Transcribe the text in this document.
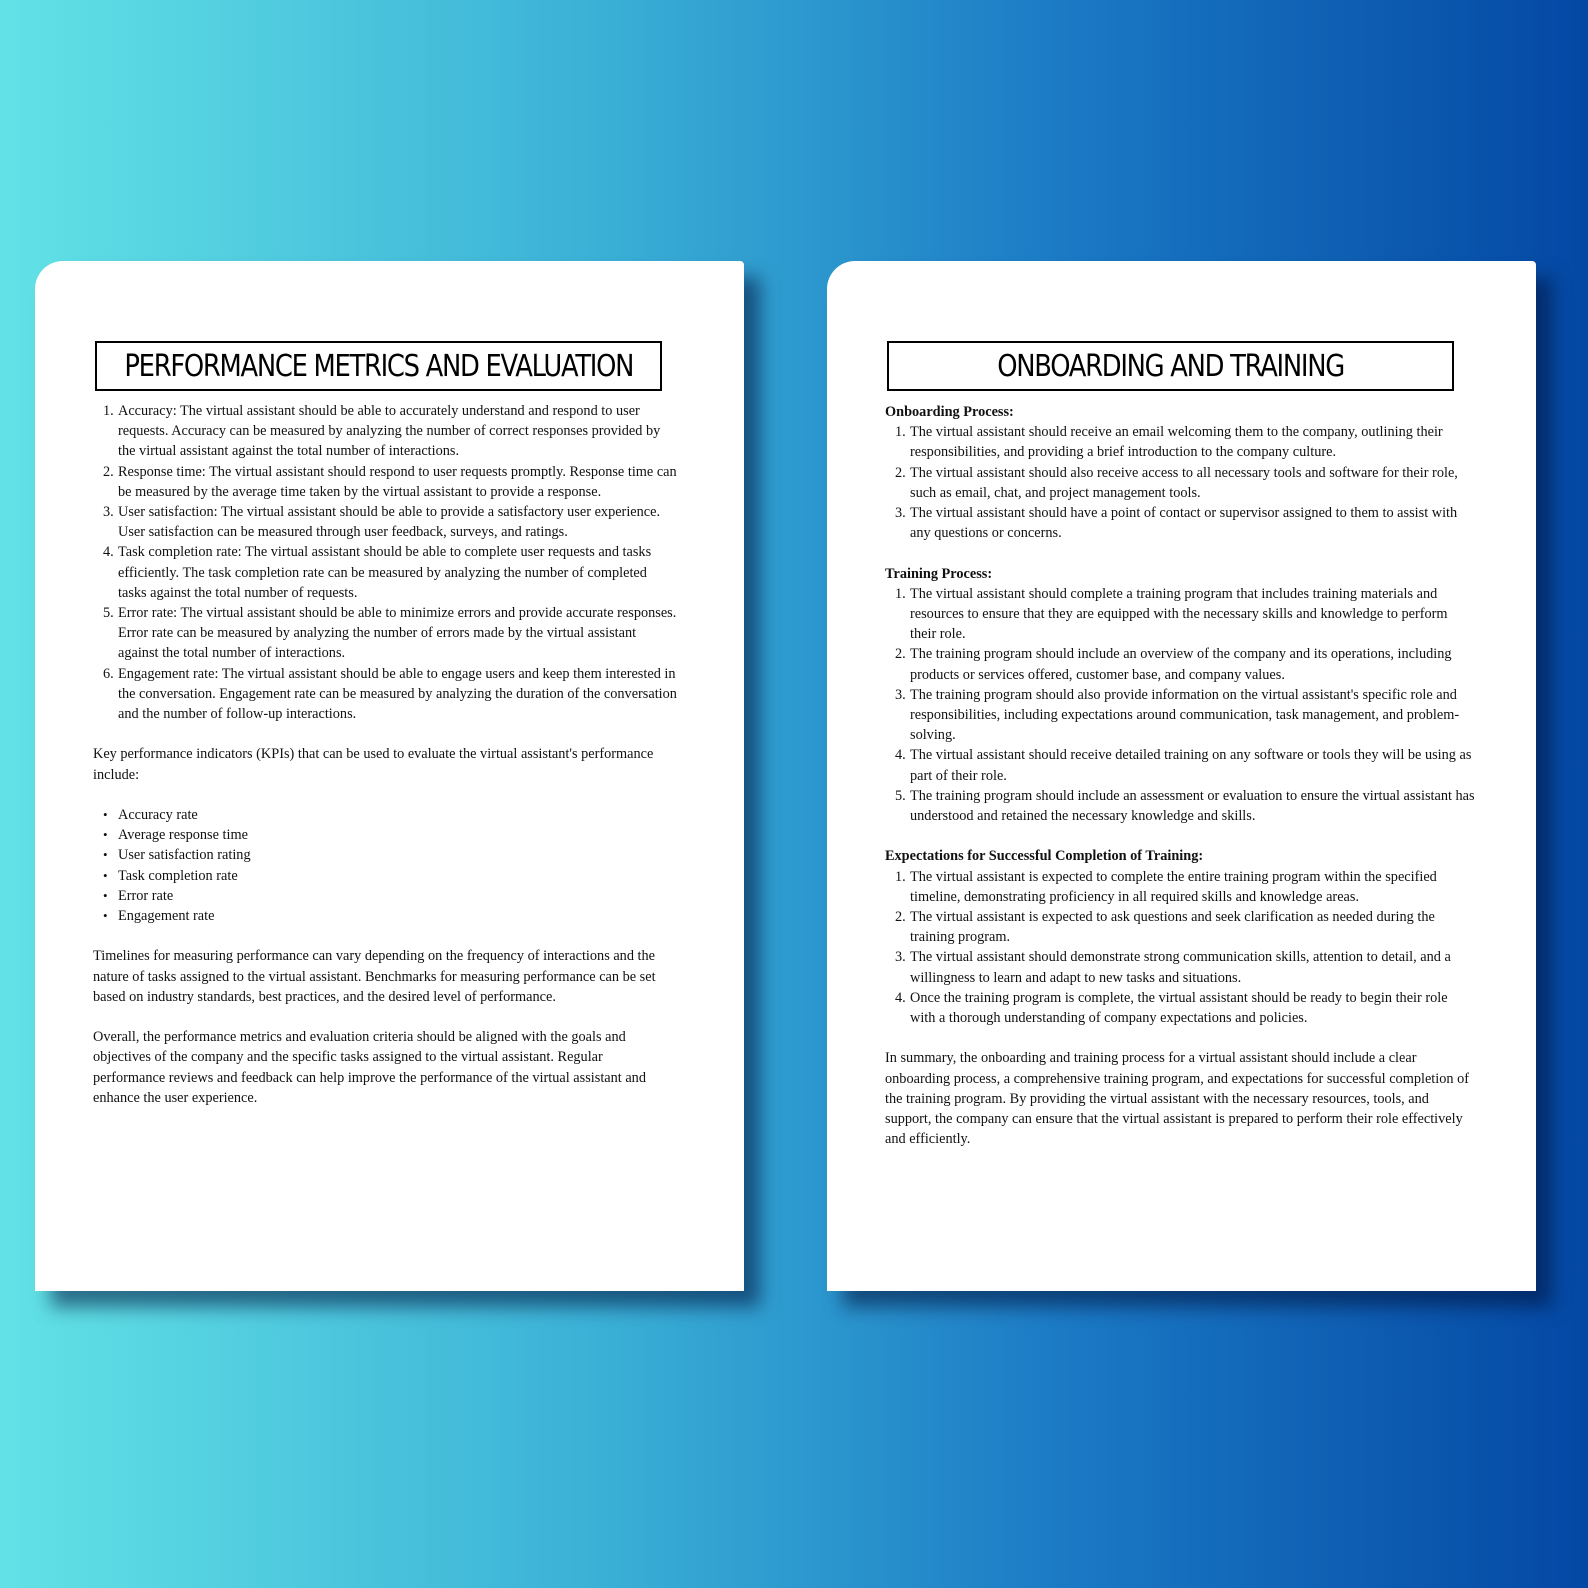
PERFORMANCE METRICS AND EVALUATION
1. Accuracy: The virtual assistant should be able to accurately understand and respond to user requests. Accuracy can be measured by analyzing the number of correct responses provided by the virtual assistant against the total number of interactions.
2. Response time: The virtual assistant should respond to user requests promptly. Response time can be measured by the average time taken by the virtual assistant to provide a response.
3. User satisfaction: The virtual assistant should be able to provide a satisfactory user experience. User satisfaction can be measured through user feedback, surveys, and ratings.
4. Task completion rate: The virtual assistant should be able to complete user requests and tasks efficiently. The task completion rate can be measured by analyzing the number of completed tasks against the total number of requests.
5. Error rate: The virtual assistant should be able to minimize errors and provide accurate responses. Error rate can be measured by analyzing the number of errors made by the virtual assistant against the total number of interactions.
6. Engagement rate: The virtual assistant should be able to engage users and keep them interested in the conversation. Engagement rate can be measured by analyzing the duration of the conversation and the number of follow-up interactions.

Key performance indicators (KPIs) that can be used to evaluate the virtual assistant's performance include:

• Accuracy rate
• Average response time
• User satisfaction rating
• Task completion rate
• Error rate
• Engagement rate

Timelines for measuring performance can vary depending on the frequency of interactions and the nature of tasks assigned to the virtual assistant. Benchmarks for measuring performance can be set based on industry standards, best practices, and the desired level of performance.

Overall, the performance metrics and evaluation criteria should be aligned with the goals and objectives of the company and the specific tasks assigned to the virtual assistant. Regular performance reviews and feedback can help improve the performance of the virtual assistant and enhance the user experience.

ONBOARDING AND TRAINING

Onboarding Process:

1. The virtual assistant should receive an email welcoming them to the company, outlining their responsibilities, and providing a brief introduction to the company culture.
2. The virtual assistant should also receive access to all necessary tools and software for their role, such as email, chat, and project management tools.
3. The virtual assistant should have a point of contact or supervisor assigned to them to assist with any questions or concerns.

Training Process:

1. The virtual assistant should complete a training program that includes training materials and resources to ensure that they are equipped with the necessary skills and knowledge to perform their role.
2. The training program should include an overview of the company and its operations, including products or services offered, customer base, and company values.
3. The training program should also provide information on the virtual assistant's specific role and responsibilities, including expectations around communication, task management, and problem-solving.
4. The virtual assistant should receive detailed training on any software or tools they will be using as part of their role.
5. The training program should include an assessment or evaluation to ensure the virtual assistant has understood and retained the necessary knowledge and skills.

Expectations for Successful Completion of Training:

1. The virtual assistant is expected to complete the entire training program within the specified timeline, demonstrating proficiency in all required skills and knowledge areas.
2. The virtual assistant is expected to ask questions and seek clarification as needed during the training program.
3. The virtual assistant should demonstrate strong communication skills, attention to detail, and a willingness to learn and adapt to new tasks and situations.
4. Once the training program is complete, the virtual assistant should be ready to begin their role with a thorough understanding of company expectations and policies.

In summary, the onboarding and training process for a virtual assistant should include a clear onboarding process, a comprehensive training program, and expectations for successful completion of the training program. By providing the virtual assistant with the necessary resources, tools, and support, the company can ensure that the virtual assistant is prepared to perform their role effectively and efficiently.
